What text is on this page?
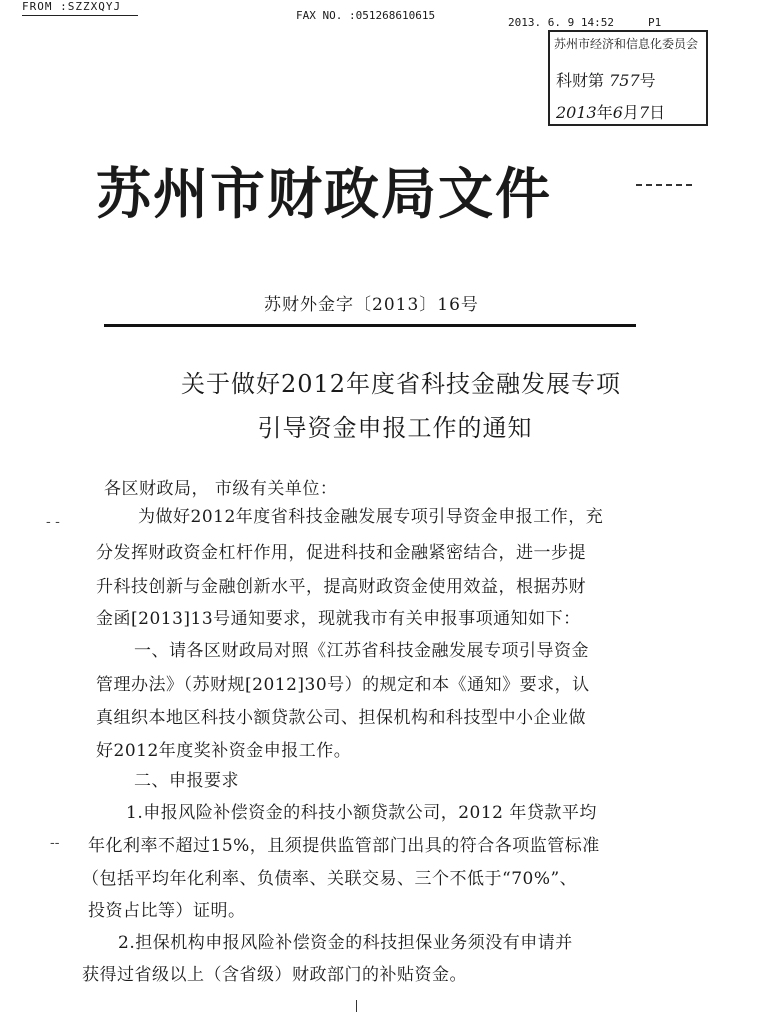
FROM :SZZXQYJ
FAX NO. :051268610615
2013. 6. 9 14:52	P1
苏州市经济和信息化委员会
科财第 757号
2013年6月7日
苏州市财政局文件
苏财外金字〔2013〕16号
关于做好2012年度省科技金融发展专项
引导资金申报工作的通知
各区财政局， 市级有关单位：
- -
--
为做好2012年度省科技金融发展专项引导资金申报工作，充
分发挥财政资金杠杆作用，促进科技和金融紧密结合，进一步提
升科技创新与金融创新水平，提高财政资金使用效益，根据苏财
金函[2013]13号通知要求，现就我市有关申报事项通知如下：
一、请各区财政局对照《江苏省科技金融发展专项引导资金
管理办法》（苏财规[2012]30号）的规定和本《通知》要求，认
真组织本地区科技小额贷款公司、担保机构和科技型中小企业做
好2012年度奖补资金申报工作。
二、申报要求
1.申报风险补偿资金的科技小额贷款公司，2012 年贷款平均
年化利率不超过15%，且须提供监管部门出具的符合各项监管标准
（包括平均年化利率、负债率、关联交易、三个不低于“70%”、
投资占比等）证明。
2.担保机构申报风险补偿资金的科技担保业务须没有申请并
获得过省级以上（含省级）财政部门的补贴资金。
